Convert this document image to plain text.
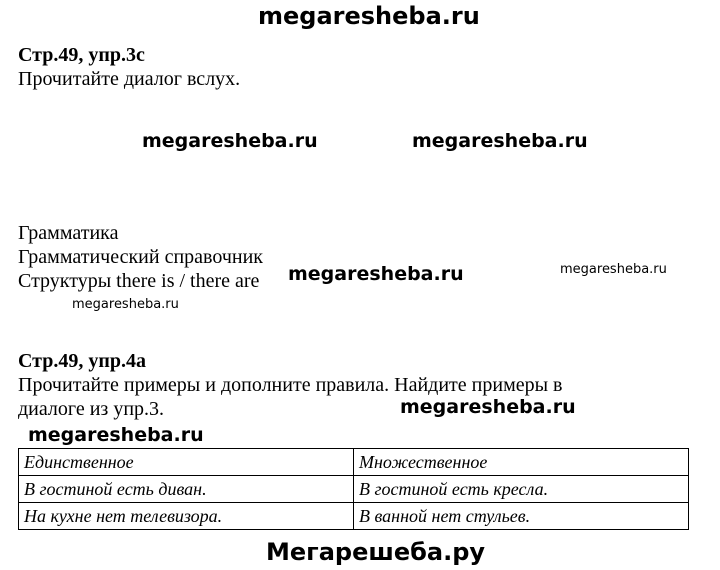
megaresheba.ru
Стр.49, упр.3c
Прочитайте диалог вслух.
megaresheba.ru	megaresheba.ru
Грамматика
Грамматический справочник
Структуры there is / there are megaresheba.ru	megaresheba.ru
megaresheba.ru
Стр.49, упр.4a
Прочитайте примеры и дополните правила. Найдите примеры в
диалоге из упр.3.	megaresheba.ru
megaresheba.ru
Единственное	Множественное
В гостиной есть диван.	В гостиной есть кресла.
На кухне нет телевизора.	В ванной нет стульев.
Мегарешеба.ру
